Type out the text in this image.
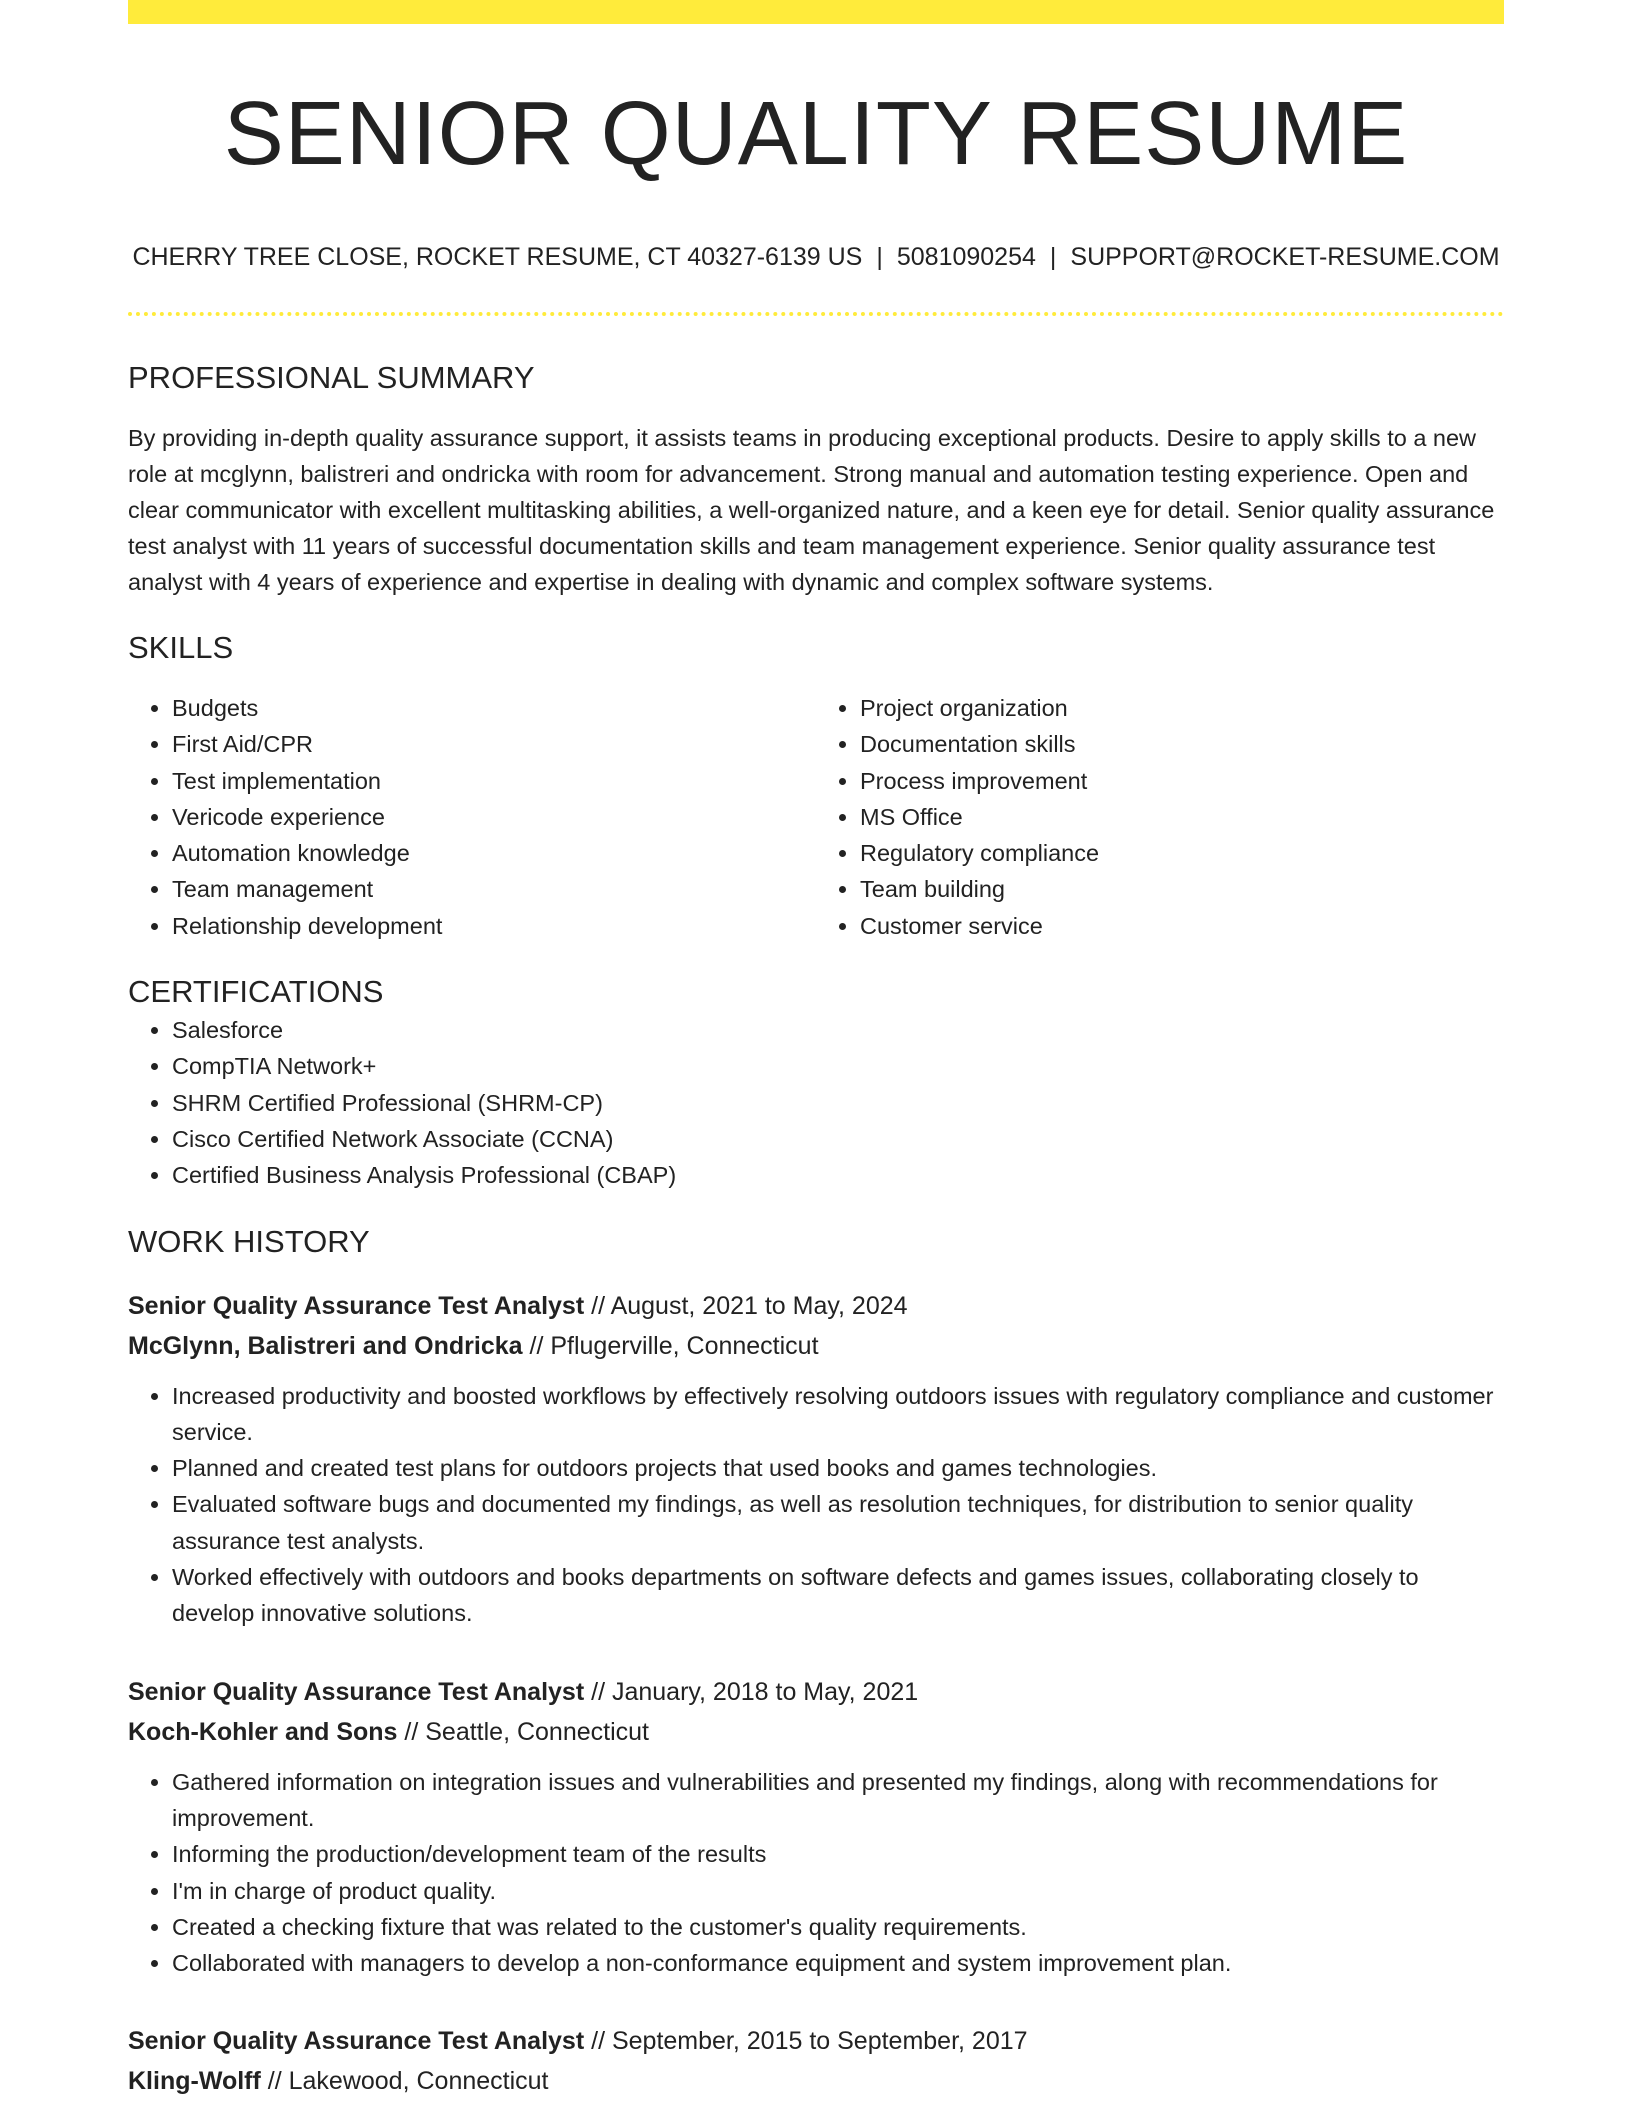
SENIOR QUALITY RESUME
CHERRY TREE CLOSE, ROCKET RESUME, CT 40327-6139 US | 5081090254 | SUPPORT@ROCKET-RESUME.COM
PROFESSIONAL SUMMARY

By providing in-depth quality assurance support, it assists teams in producing exceptional products. Desire to apply skills to a new role at mcglynn, balistreri and ondricka with room for advancement. Strong manual and automation testing experience. Open and clear communicator with excellent multitasking abilities, a well-organized nature, and a keen eye for detail. Senior quality assurance test analyst with 11 years of successful documentation skills and team management experience. Senior quality assurance test analyst with 4 years of experience and expertise in dealing with dynamic and complex software systems.

SKILLS
• Budgets
• First Aid/CPR
• Test implementation
• Vericode experience
• Automation knowledge
• Team management
• Relationship development
• Project organization
• Documentation skills
• Process improvement
• MS Office
• Regulatory compliance
• Team building
• Customer service
CERTIFICATIONS
• Salesforce
• CompTIA Network+
• SHRM Certified Professional (SHRM-CP)
• Cisco Certified Network Associate (CCNA)
• Certified Business Analysis Professional (CBAP)
WORK HISTORY
Senior Quality Assurance Test Analyst // August, 2021 to May, 2024
McGlynn, Balistreri and Ondricka // Pflugerville, Connecticut
• Increased productivity and boosted workflows by effectively resolving outdoors issues with regulatory compliance and customer service.
• Planned and created test plans for outdoors projects that used books and games technologies.
• Evaluated software bugs and documented my findings, as well as resolution techniques, for distribution to senior quality assurance test analysts.
• Worked effectively with outdoors and books departments on software defects and games issues, collaborating closely to develop innovative solutions.
Senior Quality Assurance Test Analyst // January, 2018 to May, 2021
Koch-Kohler and Sons // Seattle, Connecticut
• Gathered information on integration issues and vulnerabilities and presented my findings, along with recommendations for improvement.
• Informing the production/development team of the results
• I'm in charge of product quality.
• Created a checking fixture that was related to the customer's quality requirements.
• Collaborated with managers to develop a non-conformance equipment and system improvement plan.
Senior Quality Assurance Test Analyst // September, 2015 to September, 2017
Kling-Wolff // Lakewood, Connecticut
